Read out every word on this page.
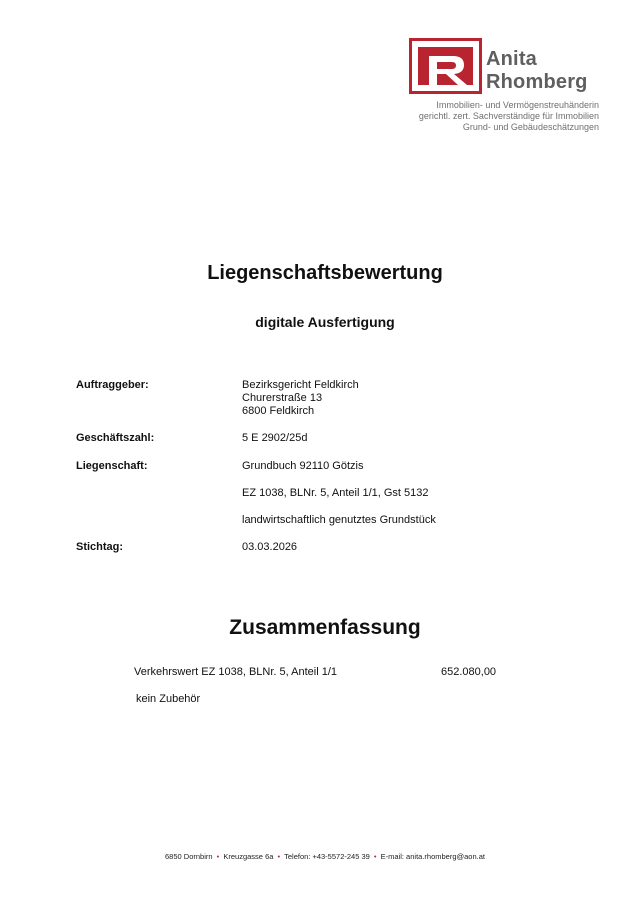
Anita
Rhomberg
Immobilien- und Vermögenstreuhänderin
gerichtl. zert. Sachverständige für Immobilien
Grund- und Gebäudeschätzungen
Liegenschaftsbewertung
digitale Ausfertigung
Auftraggeber:	Bezirksgericht Feldkirch
Churerstraße 13
6800 Feldkirch
Geschäftszahl:	5 E 2902/25d
Liegenschaft:	Grundbuch 92110 Götzis
EZ 1038, BLNr. 5, Anteil 1/1, Gst 5132
landwirtschaftlich genutztes Grundstück
Stichtag:	03.03.2026
Zusammenfassung
Verkehrswert EZ 1038, BLNr. 5, Anteil 1/1	652.080,00
kein Zubehör
6850 Dornbirn • Kreuzgasse 6a • Telefon: +43-5572-245 39 • E-mail: anita.rhomberg@aon.at
